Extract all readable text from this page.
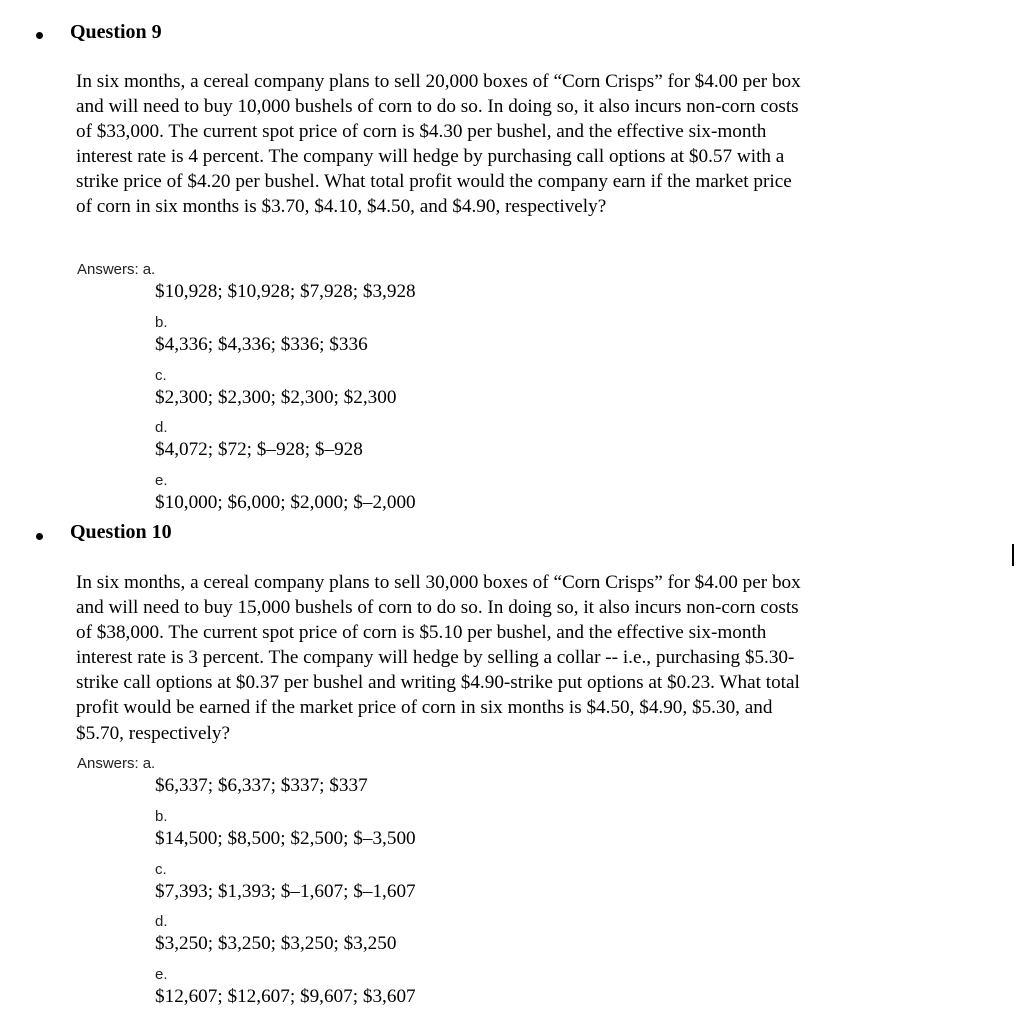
Question 9
In six months, a cereal company plans to sell 20,000 boxes of “Corn Crisps” for $4.00 per box
and will need to buy 10,000 bushels of corn to do so. In doing so, it also incurs non-corn costs
of $33,000. The current spot price of corn is $4.30 per bushel, and the effective six-month
interest rate is 4 percent. The company will hedge by purchasing call options at $0.57 with a
strike price of $4.20 per bushel. What total profit would the company earn if the market price
of corn in six months is $3.70, $4.10, $4.50, and $4.90, respectively?
Answers: a.
$10,928; $10,928; $7,928; $3,928
b.
$4,336; $4,336; $336; $336
c.
$2,300; $2,300; $2,300; $2,300
d.
$4,072; $72; $–928; $–928
e.
$10,000; $6,000; $2,000; $–2,000
Question 10
In six months, a cereal company plans to sell 30,000 boxes of “Corn Crisps” for $4.00 per box
and will need to buy 15,000 bushels of corn to do so. In doing so, it also incurs non-corn costs
of $38,000. The current spot price of corn is $5.10 per bushel, and the effective six-month
interest rate is 3 percent. The company will hedge by selling a collar -- i.e., purchasing $5.30-
strike call options at $0.37 per bushel and writing $4.90-strike put options at $0.23. What total
profit would be earned if the market price of corn in six months is $4.50, $4.90, $5.30, and
$5.70, respectively?
Answers: a.
$6,337; $6,337; $337; $337
b.
$14,500; $8,500; $2,500; $–3,500
c.
$7,393; $1,393; $–1,607; $–1,607
d.
$3,250; $3,250; $3,250; $3,250
e.
$12,607; $12,607; $9,607; $3,607
